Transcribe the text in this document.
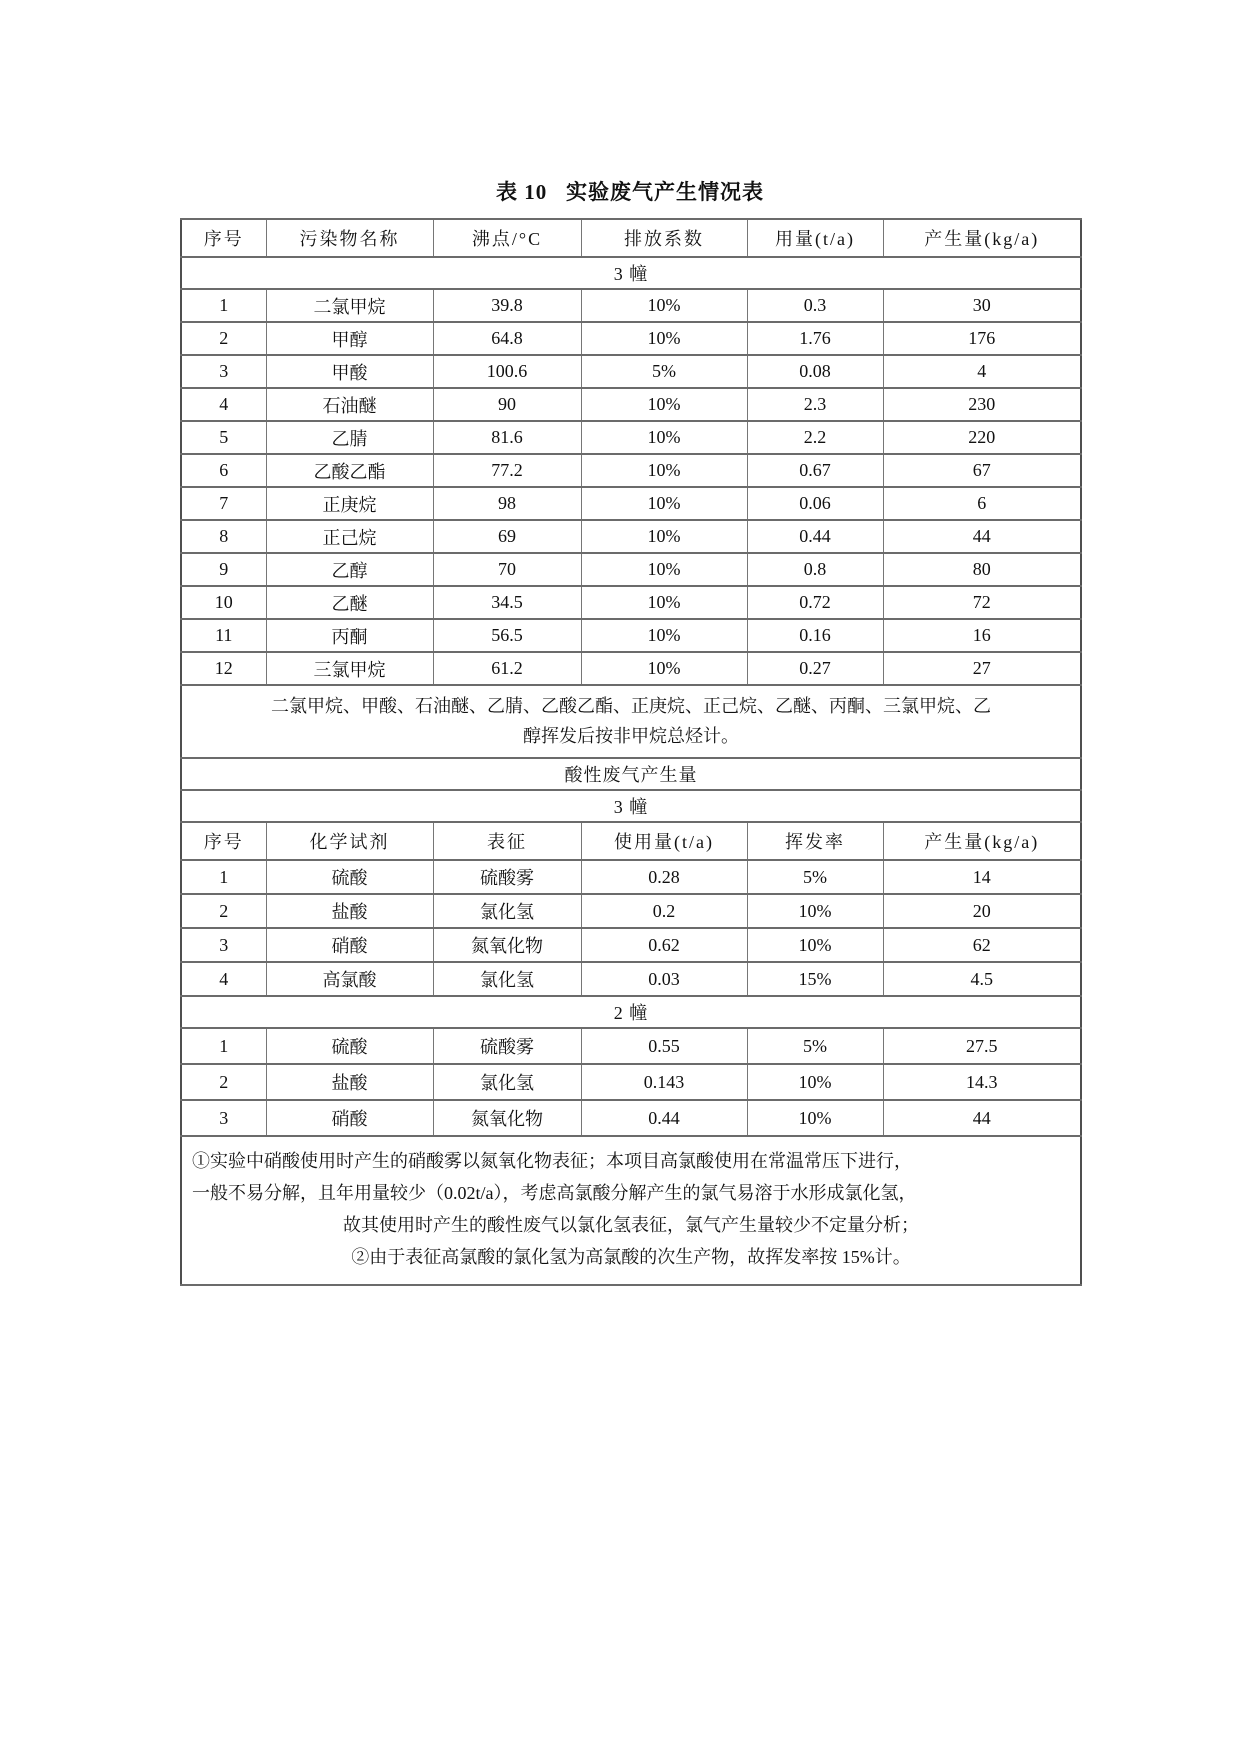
表 10   实验废气产生情况表
序号	污染物名称	沸点/°C	排放系数	用量(t/a)	产生量(kg/a)
3 幢					
1	二氯甲烷	39.8	10%	0.3	30
2	甲醇	64.8	10%	1.76	176
3	甲酸	100.6	5%	0.08	4
4	石油醚	90	10%	2.3	230
5	乙腈	81.6	10%	2.2	220
6	乙酸乙酯	77.2	10%	0.67	67
7	正庚烷	98	10%	0.06	6
8	正己烷	69	10%	0.44	44
9	乙醇	70	10%	0.8	80
10	乙醚	34.5	10%	0.72	72
11	丙酮	56.5	10%	0.16	16
12	三氯甲烷	61.2	10%	0.27	27

二氯甲烷、甲酸、石油醚、乙腈、乙酸乙酯、正庚烷、正己烷、乙醚、丙酮、三氯甲烷、乙
醇挥发后按非甲烷总烃计。					

酸性废气产生量					
3 幢					
序号	化学试剂	表征	使用量(t/a)	挥发率	产生量(kg/a)
1	硫酸	硫酸雾	0.28	5%	14
2	盐酸	氯化氢	0.2	10%	20
3	硝酸	氮氧化物	0.62	10%	62
4	高氯酸	氯化氢	0.03	15%	4.5
2 幢					
1	硫酸	硫酸雾	0.55	5%	27.5
2	盐酸	氯化氢	0.143	10%	14.3
3	硝酸	氮氧化物	0.44	10%	44

①实验中硝酸使用时产生的硝酸雾以氮氧化物表征；本项目高氯酸使用在常温常压下进行，
一般不易分解，且年用量较少（0.02t/a），考虑高氯酸分解产生的氯气易溶于水形成氯化氢，
故其使用时产生的酸性废气以氯化氢表征，氯气产生量较少不定量分析；
②由于表征高氯酸的氯化氢为高氯酸的次生产物，故挥发率按 15%计。					
